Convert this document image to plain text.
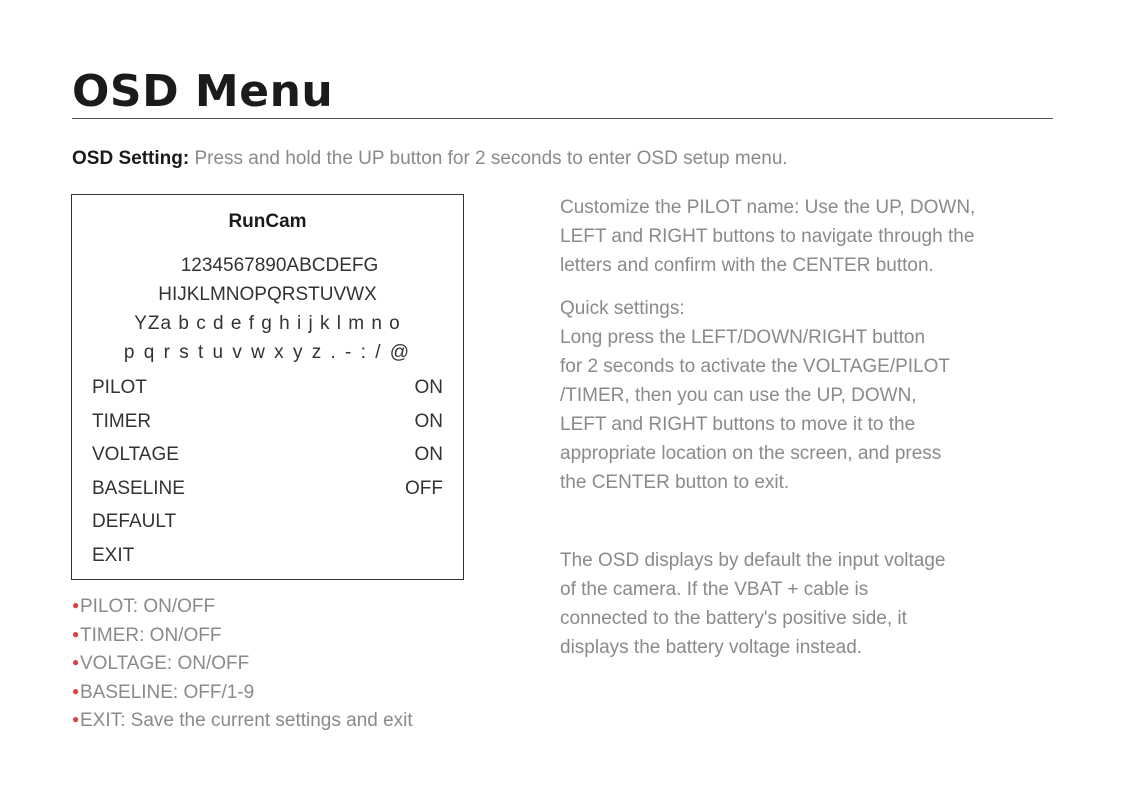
OSD Menu
OSD Setting: Press and hold the UP button for 2 seconds to enter OSD setup menu.
RunCam
1234567890ABCDEFG
HIJKLMNOPQRSTUVWX
YZa b c d e f g h i j k l m n o
p q r s t u v w x y z . - : / @
PILOT	ON
TIMER	ON
VOLTAGE	ON
BASELINE	OFF
DEFAULT
EXIT
●PILOT: ON/OFF
●TIMER: ON/OFF
●VOLTAGE: ON/OFF
●BASELINE: OFF/1-9
●EXIT: Save the current settings and exit
Customize the PILOT name: Use the UP, DOWN,
LEFT and RIGHT buttons to navigate through the
letters and confirm with the CENTER button.
Quick settings:
Long press the LEFT/DOWN/RIGHT button
for 2 seconds to activate the VOLTAGE/PILOT
/TIMER, then you can use the UP, DOWN,
LEFT and RIGHT buttons to move it to the
appropriate location on the screen, and press
the CENTER button to exit.
The OSD displays by default the input voltage
of the camera. If the VBAT + cable is
connected to the battery's positive side, it
displays the battery voltage instead.
